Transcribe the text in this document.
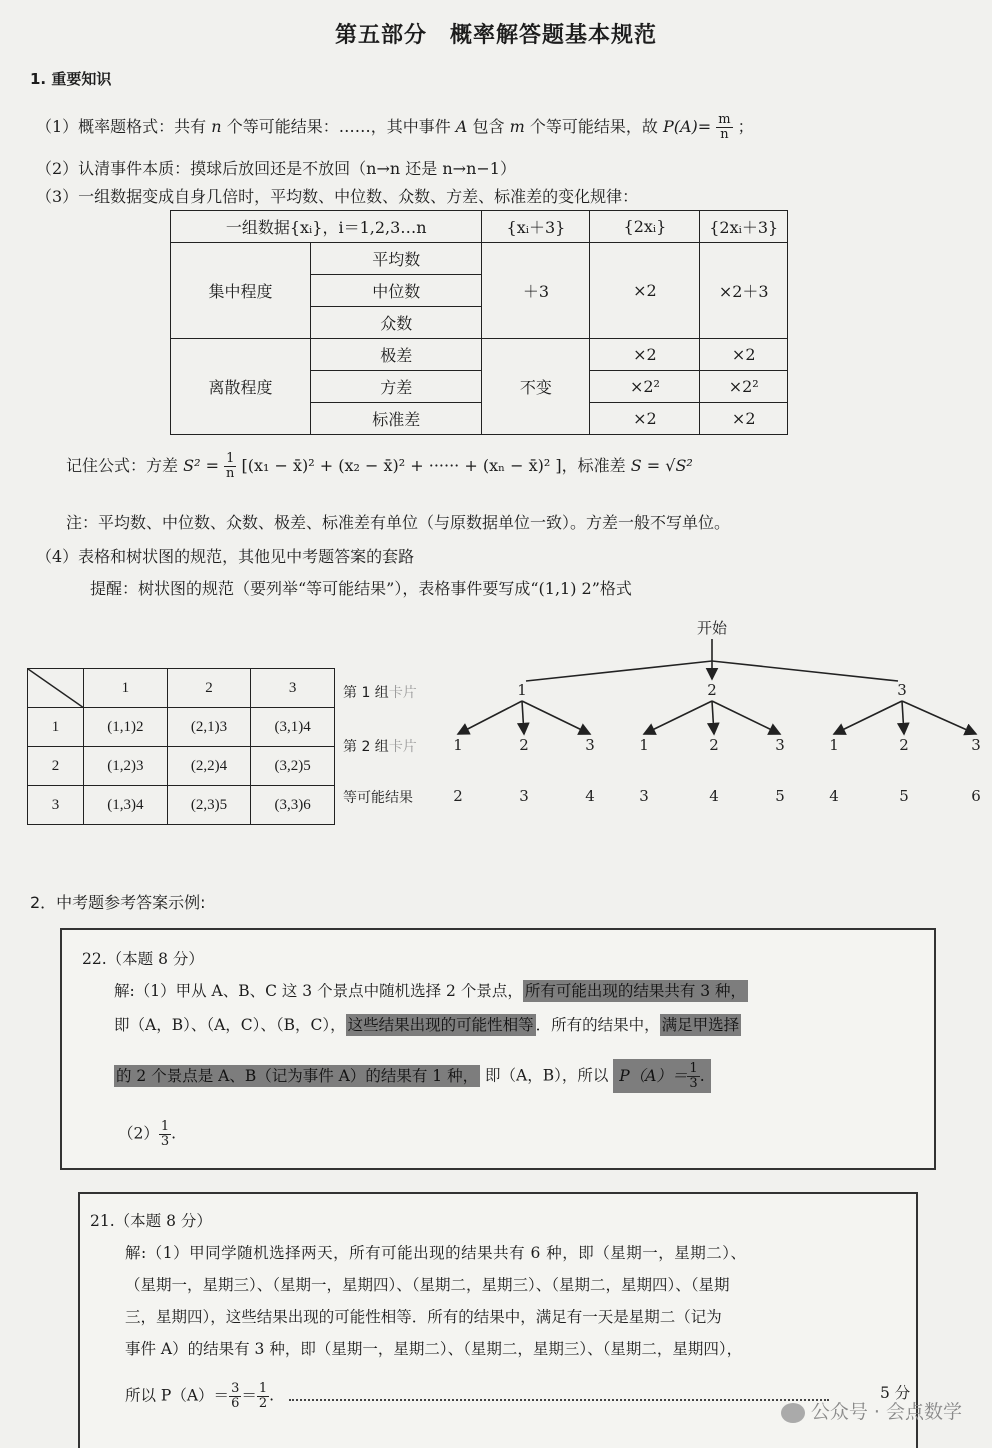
第五部分　概率解答题基本规范
1. 重要知识
（1）概率题格式：共有 n 个等可能结果：……，其中事件 A 包含 m 个等可能结果，故 $P(A)= \frac{m}{n}$ ；
（2）认清事件本质：摸球后放回还是不放回（n→n 还是 n→n−1）
（3）一组数据变成自身几倍时，平均数、中位数、众数、方差、标准差的变化规律：
一组数据{xᵢ}，i＝1,2,3…n		{xᵢ＋3}	{2xᵢ}	{2xᵢ＋3}
集中程度	平均数	＋3	×2	×2＋3
	中位数			
	众数			
离散程度	极差	不变	×2	×2
	方差		×2²	×2²
	标准差		×2	×2
记住公式：方差 $S^2 = \frac{1}{n} [(x_1$ − x̄)² + (x₂ − x̄)² + ······ + (xₙ − x̄)² ]，标准差 S = √S²
注：平均数、中位数、众数、极差、标准差有单位（与原数据单位一致）。方差一般不写单位。
（4）表格和树状图的规范，其他见中考题答案的套路
提醒：树状图的规范（要列举“等可能结果”），表格事件要写成“(1,1) 2”格式
	1	2	3
1	(1,1)2	(2,1)3	(3,1)4
2	(1,2)3	(2,2)4	(3,2)5
3	(1,3)4	(2,3)5	(3,3)6
第 1 组卡片
第 2 组卡片
等可能结果
开始
1	2	3
1
2
2
3
3
4
1
3
2
4
3
5
1
4
2
5
3
6
2．中考题参考答案示例:
22.（本题 8 分）
解:（1）甲从 A、B、C 这 3 个景点中随机选择 2 个景点， 所有可能出现的结果共有 3 种，
即（A，B）、（A，C）、（B，C）， 这些结果出现的可能性相等 ．所有的结果中， 满足甲选择
的 2 个景点是 A、B（记为事件 A）的结果有 1 种， 即（A，B），所以 $P(A)= \frac{1}{3}$ .
$(2) \frac{1}{3}$ .
21.（本题 8 分）
解:（1）甲同学随机选择两天，所有可能出现的结果共有 6 种，即（星期一，星期二）、
（星期一，星期三）、（星期一，星期四）、（星期二，星期三）、（星期二，星期四）、（星期
三，星期四），这些结果出现的可能性相等．所有的结果中，满足有一天是星期二（记为
事件 A）的结果有 3 种，即（星期一，星期二）、（星期二，星期三）、（星期二，星期四），
所以 $P(A)= \frac{3}{6} = \frac{1}{2}$ .	5 分
公众号 · 会点数学
